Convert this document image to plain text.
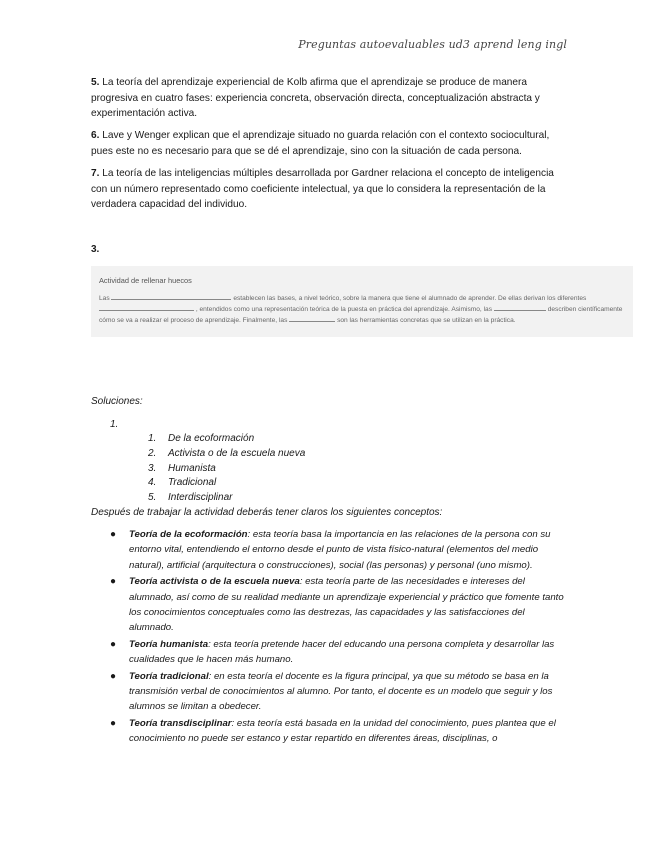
Preguntas autoevaluables ud3 aprend leng ingl
5. La teoría del aprendizaje experiencial de Kolb afirma que el aprendizaje se produce de manera progresiva en cuatro fases: experiencia concreta, observación directa, conceptualización abstracta y experimentación activa.
6. Lave y Wenger explican que el aprendizaje situado no guarda relación con el contexto sociocultural, pues este no es necesario para que se dé el aprendizaje, sino con la situación de cada persona.
7. La teoría de las inteligencias múltiples desarrollada por Gardner relaciona el concepto de inteligencia con un número representado como coeficiente intelectual, ya que lo considera la representación de la verdadera capacidad del individuo.
3.
Actividad de rellenar huecos
Las	establecen las bases, a nivel teórico, sobre la manera que tiene el alumnado de aprender. De ellas derivan los diferentes  , entendidos como una representación teórica de la puesta en práctica del aprendizaje. Asimismo, las	describen científicamente cómo se va a realizar el proceso de aprendizaje. Finalmente, las	son las herramientas concretas que se utilizan en la práctica.
Soluciones:
1.
1. De la ecoformación
2. Activista o de la escuela nueva
3. Humanista
4. Tradicional
5. Interdisciplinar
Después de trabajar la actividad deberás tener claros los siguientes conceptos:
● Teoría de la ecoformación: esta teoría basa la importancia en las relaciones de la persona con su entorno vital, entendiendo el entorno desde el punto de vista físico-natural (elementos del medio natural), artificial (arquitectura o construcciones), social (las personas) y personal (uno mismo).
● Teoría activista o de la escuela nueva: esta teoría parte de las necesidades e intereses del alumnado, así como de su realidad mediante un aprendizaje experiencial y práctico que fomente tanto los conocimientos conceptuales como las destrezas, las capacidades y las satisfacciones del alumnado.
● Teoría humanista: esta teoría pretende hacer del educando una persona completa y desarrollar las cualidades que le hacen más humano.
● Teoría tradicional: en esta teoría el docente es la figura principal, ya que su método se basa en la transmisión verbal de conocimientos al alumno. Por tanto, el docente es un modelo que seguir y los alumnos se limitan a obedecer.
● Teoría transdisciplinar: esta teoría está basada en la unidad del conocimiento, pues plantea que el conocimiento no puede ser estanco y estar repartido en diferentes áreas, disciplinas, o
